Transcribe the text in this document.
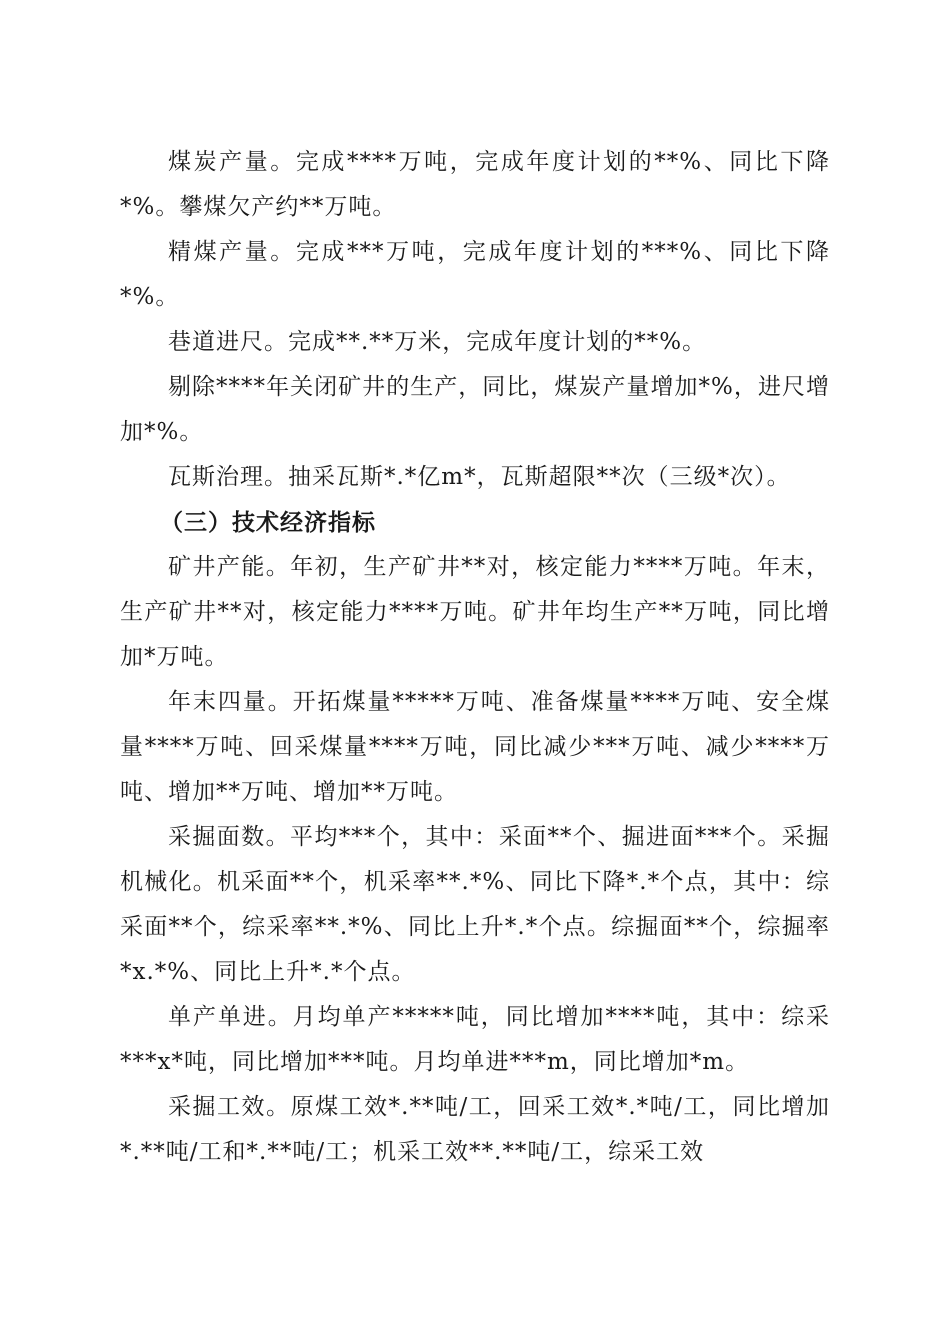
煤炭产量。完成****万吨，完成年度计划的**%、同比下降*%。攀煤欠产约**万吨。

精煤产量。完成***万吨，完成年度计划的***%、同比下降*%。

巷道进尺。完成**.**万米，完成年度计划的**%。

剔除****年关闭矿井的生产，同比，煤炭产量增加*%，进尺增加*%。

瓦斯治理。抽采瓦斯*.*亿m*，瓦斯超限**次（三级*次）。

（三）技术经济指标

矿井产能。年初，生产矿井**对，核定能力****万吨。年末，生产矿井**对，核定能力****万吨。矿井年均生产**万吨，同比增加*万吨。

年末四量。开拓煤量*****万吨、准备煤量****万吨、安全煤量****万吨、回采煤量****万吨，同比减少***万吨、减少****万吨、增加**万吨、增加**万吨。

采掘面数。平均***个，其中：采面**个、掘进面***个。采掘机械化。机采面**个，机采率**.*%、同比下降*.*个点，其中：综采面**个，综采率**.*%、同比上升*.*个点。综掘面**个，综掘率*x.*%、同比上升*.*个点。

单产单进。月均单产*****吨，同比增加****吨，其中：综采***x*吨，同比增加***吨。月均单进***m，同比增加*m。

采掘工效。原煤工效*.**吨/工，回采工效*.*吨/工，同比增加*.**吨/工和*.**吨/工；机采工效**.**吨/工，综采工效
